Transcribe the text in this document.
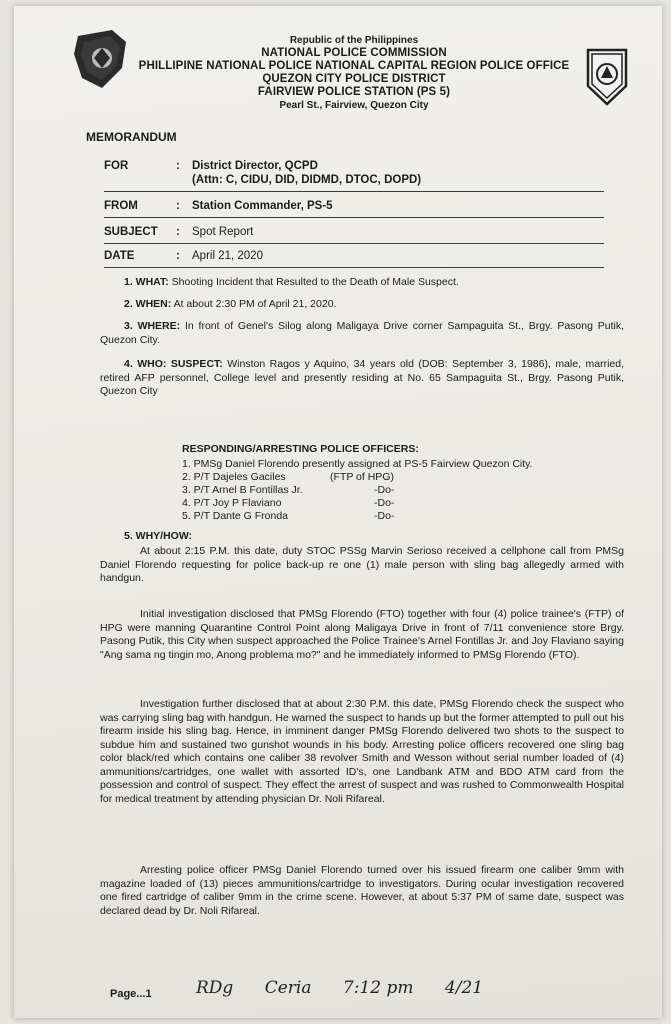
Republic of the Philippines
NATIONAL POLICE COMMISSION
PHILLIPINE NATIONAL POLICE NATIONAL CAPITAL REGION POLICE OFFICE
QUEZON CITY POLICE DISTRICT
FAIRVIEW POLICE STATION (PS 5)
Pearl St., Fairview, Quezon City
MEMORANDUM
FOR	: District Director, QCPD
(Attn: C, CIDU, DID, DIDMD, DTOC, DOPD)
FROM	: Station Commander, PS-5
SUBJECT	: Spot Report
DATE	: April 21, 2020
1. WHAT: Shooting Incident that Resulted to the Death of Male Suspect.
2. WHEN: At about 2:30 PM of April 21, 2020.
3. WHERE: In front of Genel's Silog along Maligaya Drive corner Sampaguita St., Brgy. Pasong Putik, Quezon City.
4. WHO: SUSPECT: Winston Ragos y Aquino, 34 years old (DOB: September 3, 1986), male, married, retired AFP personnel, College level and presently residing at No. 65 Sampaguita St., Brgy. Pasong Putik, Quezon City
RESPONDING/ARRESTING POLICE OFFICERS:
1. PMSg Daniel Florendo presently assigned at PS-5 Fairview Quezon City.
2. P/T Dajeles Gaciles	(FTP of HPG)
3. P/T Arnel B Fontillas Jr.	-Do-
4. P/T Joy P Flaviano	-Do-
5. P/T Dante G Fronda	-Do-
5. WHY/HOW:
At about 2:15 P.M. this date, duty STOC PSSg Marvin Serioso received a cellphone call from PMSg Daniel Florendo requesting for police back-up re one (1) male person with sling bag allegedly armed with handgun.
Initial investigation disclosed that PMSg Florendo (FTO) together with four (4) police trainee's (FTP) of HPG were manning Quarantine Control Point along Maligaya Drive in front of 7/11 convenience store Brgy. Pasong Putik, this City when suspect approached the Police Trainee's Arnel Fontillas Jr. and Joy Flaviano saying "Ang sama ng tingin mo, Anong problema mo?" and he immediately informed to PMSg Florendo (FTO).
Investigation further disclosed that at about 2:30 P.M. this date, PMSg Florendo check the suspect who was carrying sling bag with handgun. He warned the suspect to hands up but the former attempted to pull out his firearm inside his sling bag. Hence, in imminent danger PMSg Florendo delivered two shots to the suspect to subdue him and sustained two gunshot wounds in his body. Arresting police officers recovered one sling bag color black/red which contains one caliber 38 revolver Smith and Wesson without serial number loaded of (4) ammunitions/cartridges, one wallet with assorted ID's, one Landbank ATM and BDO ATM card from the possession and control of suspect. They effect the arrest of suspect and was rushed to Commonwealth Hospital for medical treatment by attending physician Dr. Noli Rifareal.
Arresting police officer PMSg Daniel Florendo turned over his issued firearm one caliber 9mm with magazine loaded of (13) pieces ammunitions/cartridge to investigators. During ocular investigation recovered one fired cartridge of caliber 9mm in the crime scene. However, at about 5:37 PM of same date, suspect was declared dead by Dr. Noli Rifareal.
Page...1	RDg Ceria 7:12 pm 4/21
